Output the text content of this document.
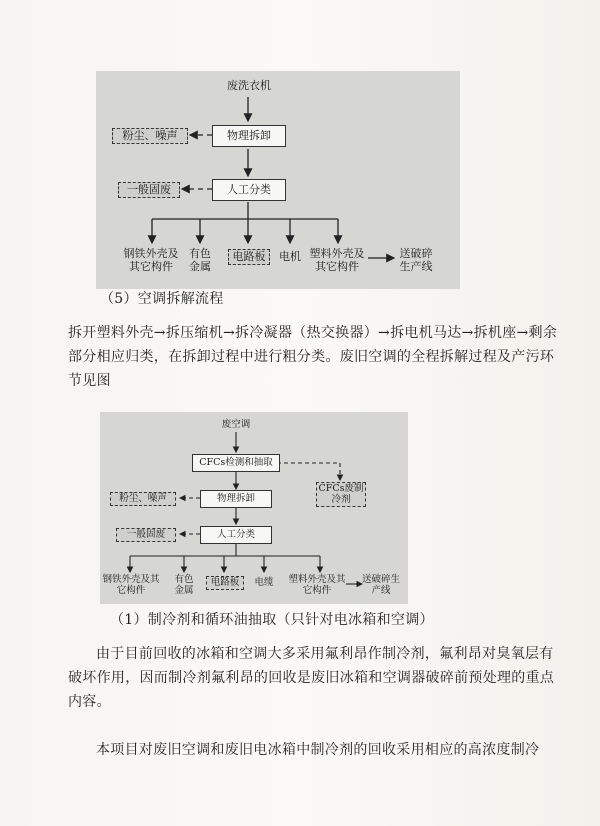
废洗衣机
粉尘、噪声	物理拆卸
一般固废	人工分类
钢铁外壳及其它构件
有色金属
电路板	电机 塑料外壳及其它构件
送破碎生产线
（5）空调拆解流程
拆开塑料外壳→拆压缩机→拆冷凝器（热交换器）→拆电机马达→拆机座→剩余部分相应归类，在拆卸过程中进行粗分类。废旧空调的全程拆解过程及产污环节见图
废空调
CFCs检测和抽取
CFCs废制冷剂
粉尘、噪声	物理拆卸
一般固废	人工分类
钢铁外壳及其它构件
有色金属
电路板	电缆	塑料外壳及其它构件
送破碎生产线
（1）制冷剂和循环油抽取（只针对电冰箱和空调）
由于目前回收的冰箱和空调大多采用氟利昂作制冷剂，氟利昂对臭氧层有破坏作用，因而制冷剂氟利昂的回收是废旧冰箱和空调器破碎前预处理的重点内容。
本项目对废旧空调和废旧电冰箱中制冷剂的回收采用相应的高浓度制冷
